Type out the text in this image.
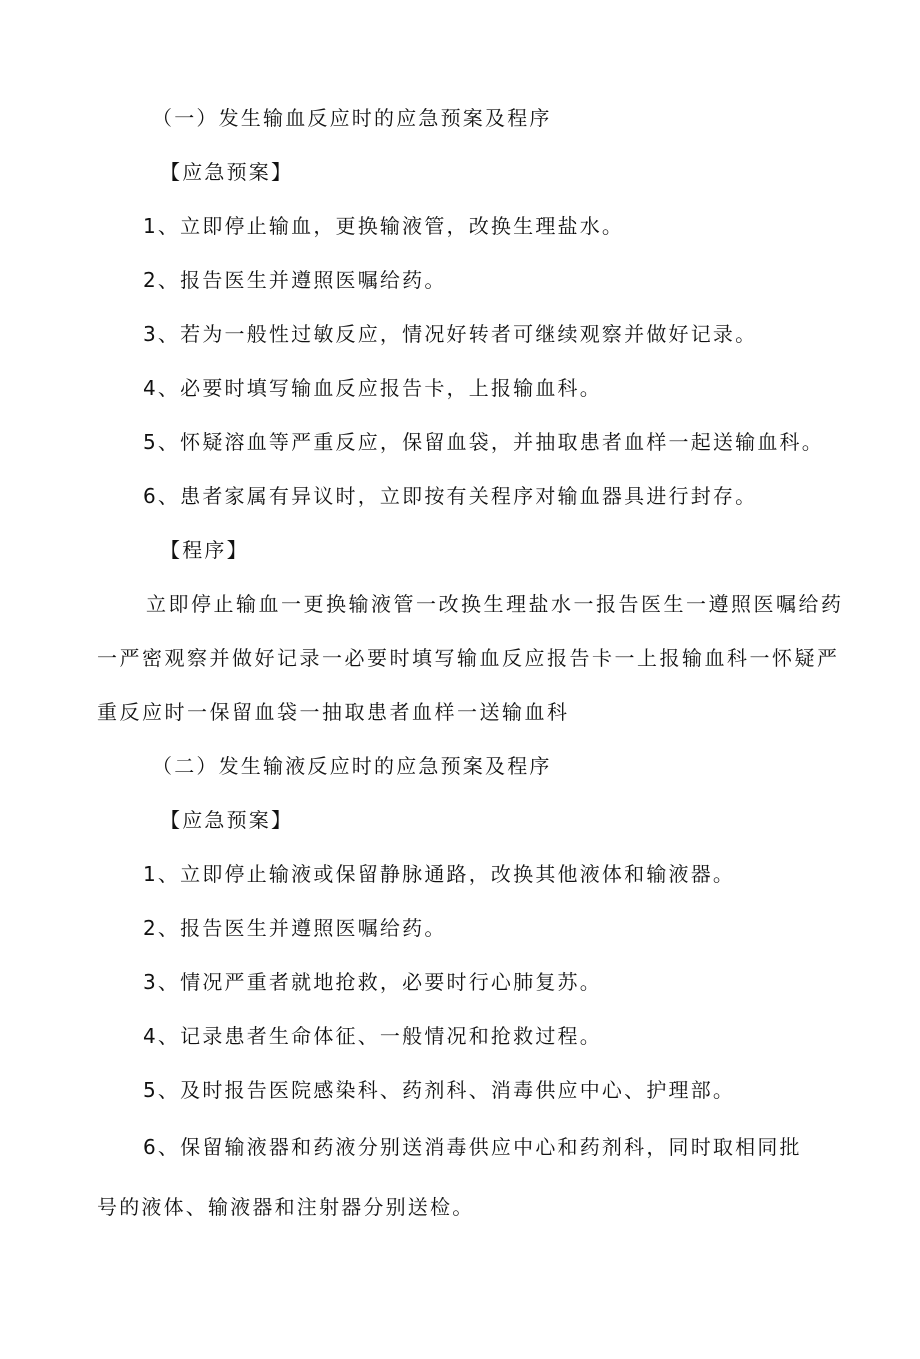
（一）发生输血反应时的应急预案及程序
【应急预案】
1、立即停止输血，更换输液管，改换生理盐水。
2、报告医生并遵照医嘱给药。
3、若为一般性过敏反应，情况好转者可继续观察并做好记录。
4、必要时填写输血反应报告卡，上报输血科。
5、怀疑溶血等严重反应，保留血袋，并抽取患者血样一起送输血科。
6、患者家属有异议时，立即按有关程序对输血器具进行封存。
【程序】
立即停止输血一更换输液管一改换生理盐水一报告医生一遵照医嘱给药
一严密观察并做好记录一必要时填写输血反应报告卡一上报输血科一怀疑严
重反应时一保留血袋一抽取患者血样一送输血科
（二）发生输液反应时的应急预案及程序
【应急预案】
1、立即停止输液或保留静脉通路，改换其他液体和输液器。
2、报告医生并遵照医嘱给药。
3、情况严重者就地抢救，必要时行心肺复苏。
4、记录患者生命体征、一般情况和抢救过程。
5、及时报告医院感染科、药剂科、消毒供应中心、护理部。
6、保留输液器和药液分别送消毒供应中心和药剂科，同时取相同批
号的液体、输液器和注射器分别送检。
